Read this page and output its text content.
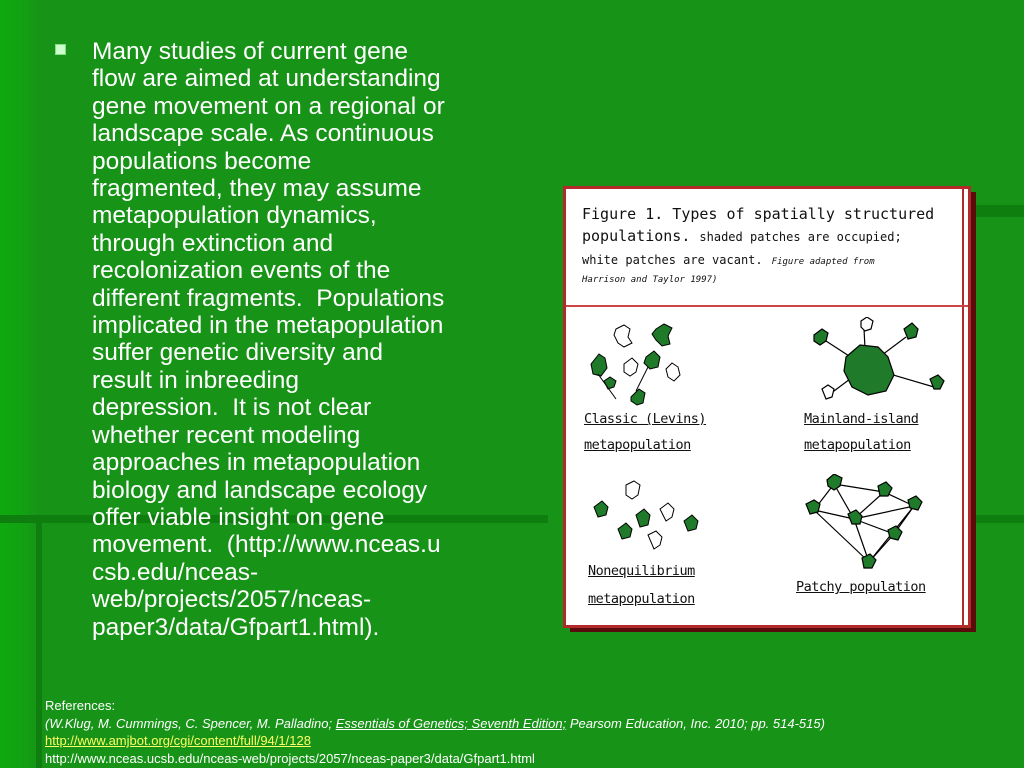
Many studies of current gene
flow are aimed at understanding
gene movement on a regional or
landscape scale. As continuous
populations become
fragmented, they may assume
metapopulation dynamics,
through extinction and
recolonization events of the
different fragments.  Populations
implicated in the metapopulation
suffer genetic diversity and
result in inbreeding
depression.  It is not clear
whether recent modeling
approaches in metapopulation
biology and landscape ecology
offer viable insight on gene
movement.  (http://www.nceas.u
csb.edu/nceas-
web/projects/2057/nceas-
paper3/data/Gfpart1.html).
Figure 1. Types of spatially structured
populations. shaded patches are occupied;
white patches are vacant. Figure adapted from
Harrison and Taylor 1997)
Classic (Levins)
metapopulation
Mainland-island
metapopulation
Nonequilibrium
metapopulation
Patchy population
References:
(W.Klug, M. Cummings, C. Spencer, M. Palladino; Essentials of Genetics; Seventh Edition; Pearsom Education, Inc. 2010; pp. 514-515)
http://www.amjbot.org/cgi/content/full/94/1/128
http://www.nceas.ucsb.edu/nceas-web/projects/2057/nceas-paper3/data/Gfpart1.html
